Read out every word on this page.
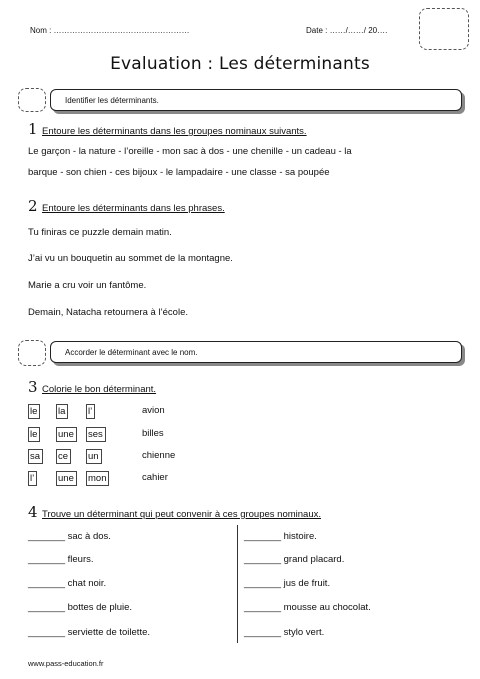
Nom : ……………………………………………	Date : ……/……/ 20….
Evaluation : Les déterminants
Identifier les déterminants.
1 Entoure les déterminants dans les groupes nominaux suivants.
Le garçon - la nature - l’oreille - mon sac à dos - une chenille - un cadeau - la
barque - son chien - ces bijoux - le lampadaire - une classe - sa poupée
2 Entoure les déterminants dans les phrases.
Tu finiras ce puzzle demain matin.
J’ai vu un bouquetin au sommet de la montagne.
Marie a cru voir un fantôme.
Demain, Natacha retournera à l’école.
Accorder le déterminant avec le nom.
3 Colorie le bon déterminant.
le	la	l’	avion
le	une	ses	billes
sa	ce	un	chienne
l’	une	mon	cahier
4 Trouve un déterminant qui peut convenir à ces groupes nominaux.
_______ sac à dos.
_______ fleurs.
_______ chat noir.
_______ bottes de pluie.
_______ serviette de toilette.
_______ histoire.
_______ grand placard.
_______ jus de fruit.
_______ mousse au chocolat.
_______ stylo vert.
www.pass-education.fr
